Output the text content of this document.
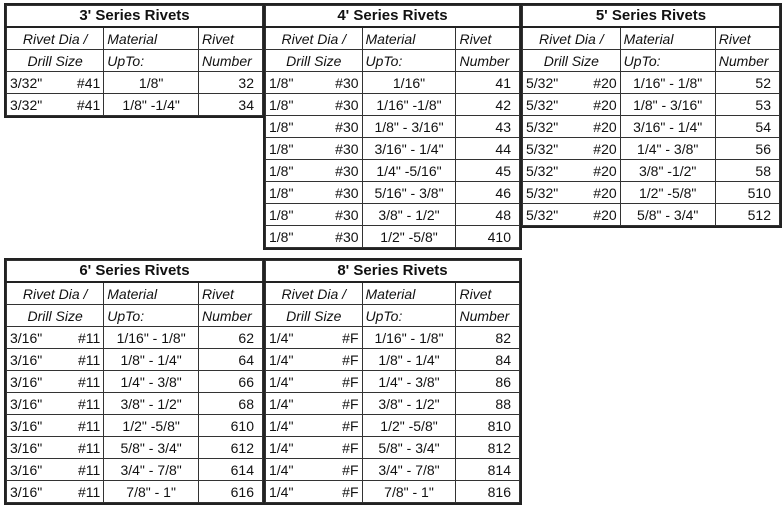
3' Series Rivets		
Rivet Dia /	Material	Rivet
Drill Size	UpTo:	Number

3/32" #41	1/8"	32

3/32" #41	1/8" -1/4"	34
4' Series Rivets		
Rivet Dia /	Material	Rivet
Drill Size	UpTo:	Number

1/8" #30	1/16"	41

1/8" #30	1/16" -1/8"	42

1/8" #30	1/8" - 3/16"	43

1/8" #30	3/16" - 1/4"	44

1/8" #30	1/4" -5/16"	45

1/8" #30	5/16" - 3/8"	46

1/8" #30	3/8" - 1/2"	48

1/8" #30	1/2" -5/8"	410
5' Series Rivets		
Rivet Dia /	Material	Rivet
Drill Size	UpTo:	Number

5/32" #20	1/16" - 1/8"	52

5/32" #20	1/8" - 3/16"	53

5/32" #20	3/16" - 1/4"	54

5/32" #20	1/4" - 3/8"	56

5/32" #20	3/8" -1/2"	58

5/32" #20	1/2" -5/8"	510

5/32" #20	5/8" - 3/4"	512
6' Series Rivets		
Rivet Dia /	Material	Rivet
Drill Size	UpTo:	Number

3/16" #11	1/16" - 1/8"	62

3/16" #11	1/8" - 1/4"	64

3/16" #11	1/4" - 3/8"	66

3/16" #11	3/8" - 1/2"	68

3/16" #11	1/2" -5/8"	610

3/16" #11	5/8" - 3/4"	612

3/16" #11	3/4" - 7/8"	614

3/16" #11	7/8" - 1"	616
8' Series Rivets		
Rivet Dia /	Material	Rivet
Drill Size	UpTo:	Number

1/4" #F	1/16" - 1/8"	82

1/4" #F	1/8" - 1/4"	84

1/4" #F	1/4" - 3/8"	86

1/4" #F	3/8" - 1/2"	88

1/4" #F	1/2" -5/8"	810

1/4" #F	5/8" - 3/4"	812

1/4" #F	3/4" - 7/8"	814

1/4" #F	7/8" - 1"	816
